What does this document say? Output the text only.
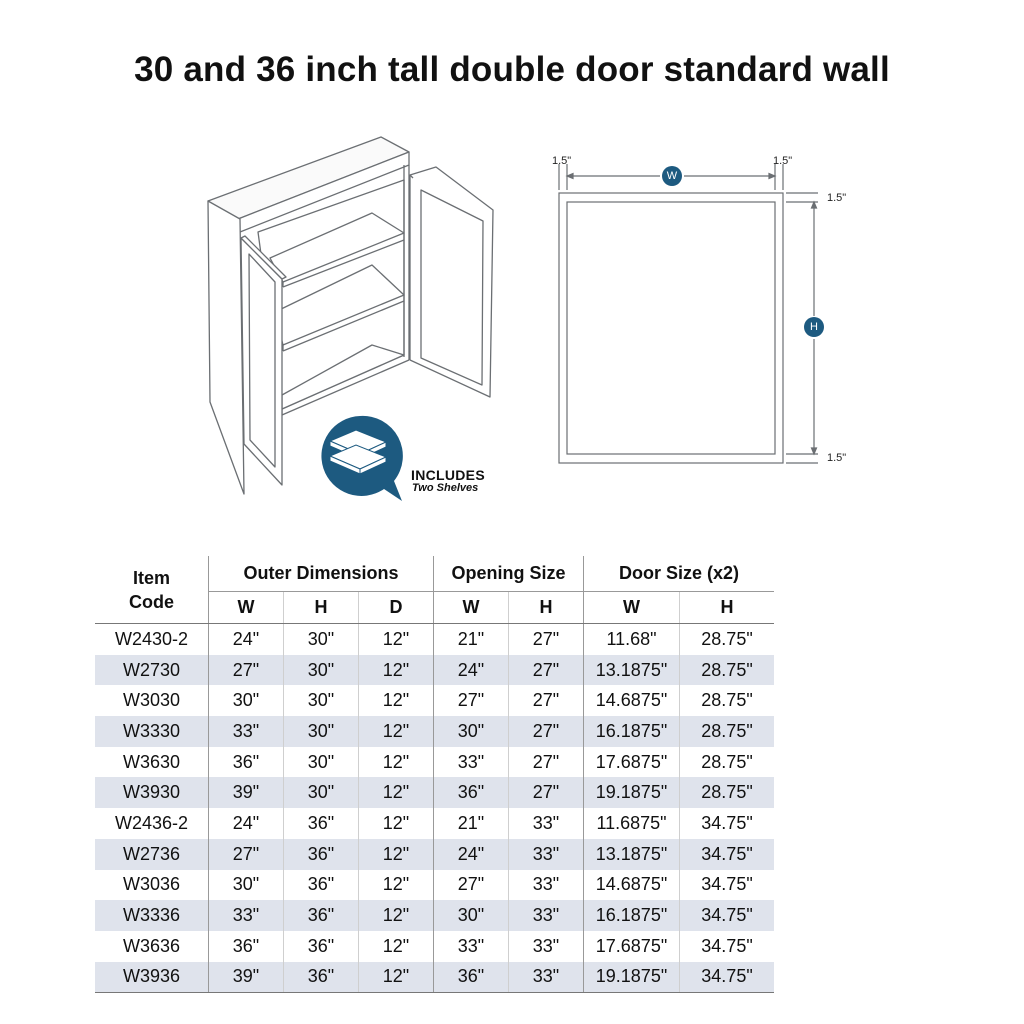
30 and 36 inch tall double door standard wall
INCLUDES
Two Shelves
1.5"	1.5"
1.5"
1.5"
W
H
Item Code	Outer Dimensions			Opening Size		Door Size (x2)	
	W	H	D	W	H	W	H
W2430-2	24"	30"	12"	21"	27"	11.68"	28.75"
W2730	27"	30"	12"	24"	27"	13.1875"	28.75"
W3030	30"	30"	12"	27"	27"	14.6875"	28.75"
W3330	33"	30"	12"	30"	27"	16.1875"	28.75"
W3630	36"	30"	12"	33"	27"	17.6875"	28.75"
W3930	39"	30"	12"	36"	27"	19.1875"	28.75"
W2436-2	24"	36"	12"	21"	33"	11.6875"	34.75"
W2736	27"	36"	12"	24"	33"	13.1875"	34.75"
W3036	30"	36"	12"	27"	33"	14.6875"	34.75"
W3336	33"	36"	12"	30"	33"	16.1875"	34.75"
W3636	36"	36"	12"	33"	33"	17.6875"	34.75"
W3936	39"	36"	12"	36"	33"	19.1875"	34.75"
